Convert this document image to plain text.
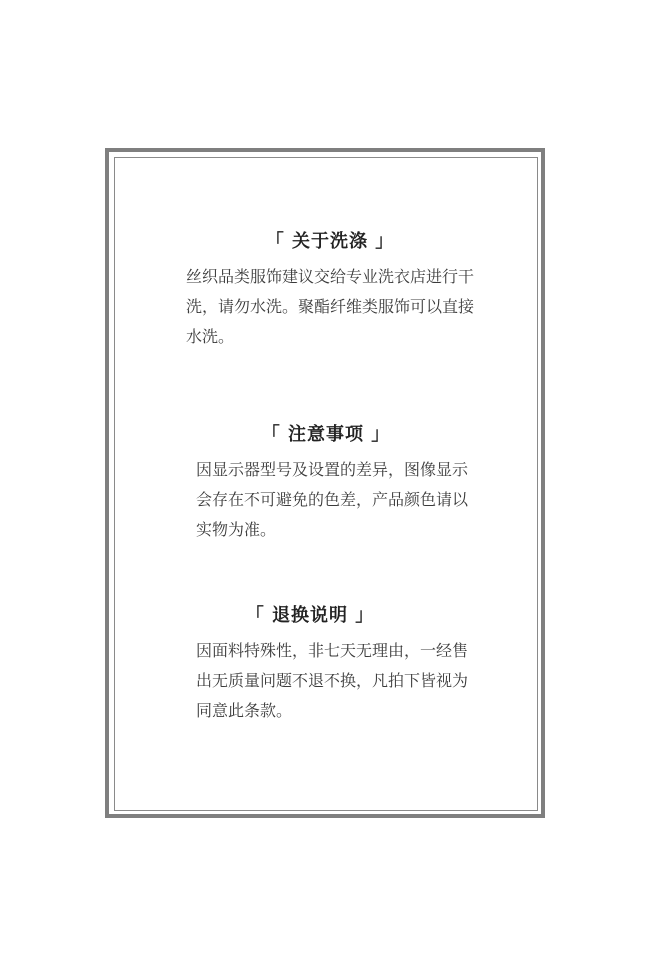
「 关于洗涤 」
丝织品类服饰建议交给专业洗衣店进行干洗，请勿水洗。聚酯纤维类服饰可以直接水洗。
「 注意事项 」
因显示器型号及设置的差异，图像显示会存在不可避免的色差，产品颜色请以实物为准。
「 退换说明 」
因面料特殊性，非七天无理由，一经售出无质量问题不退不换，凡拍下皆视为同意此条款。
